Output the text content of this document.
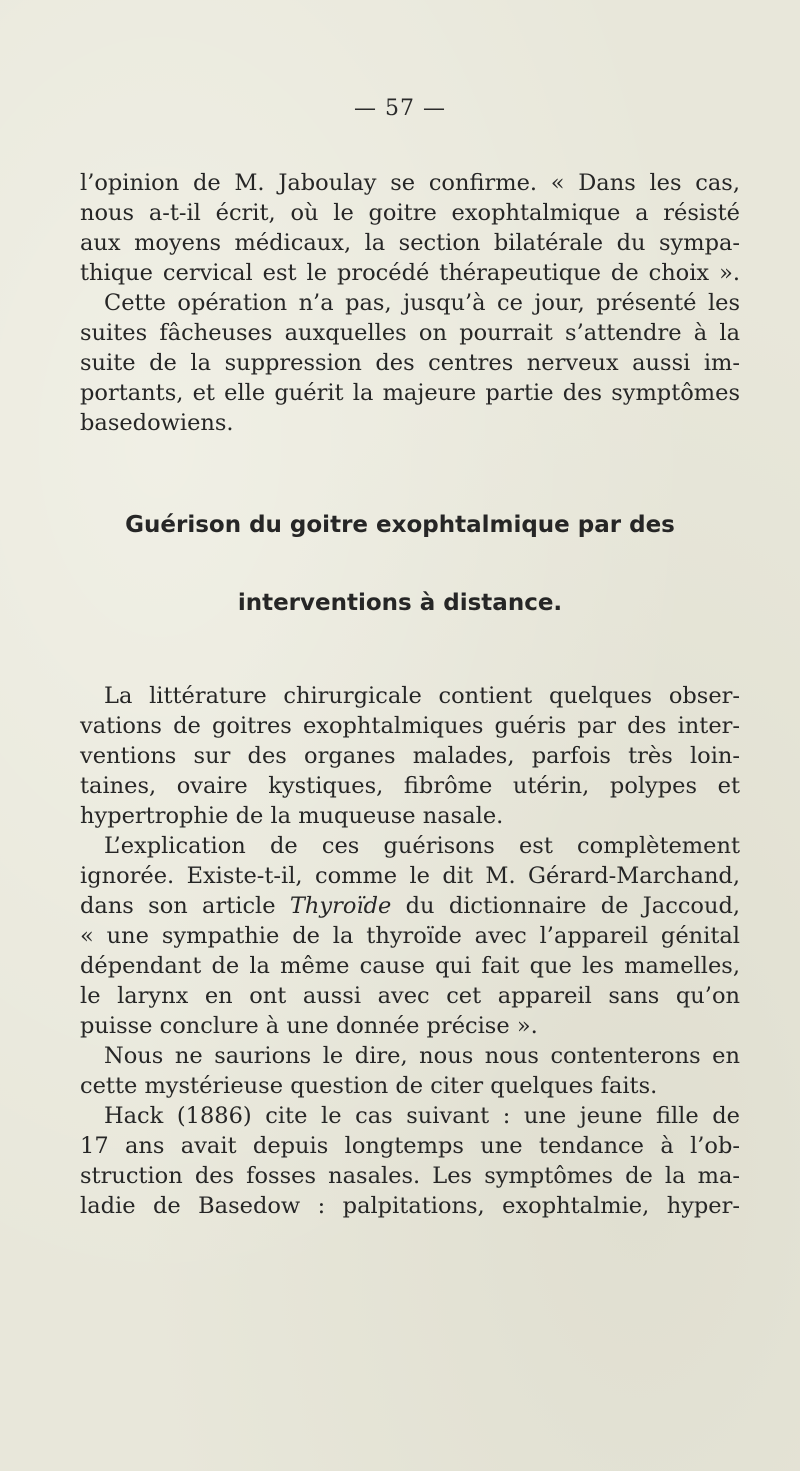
— 57 —
l’opinion de M. Jaboulay se confirme. « Dans les cas,
nous a-t-il écrit, où le goitre exophtalmique a résisté
aux moyens médicaux, la section bilatérale du sympa-
thique cervical est le procédé thérapeutique de choix ».
Cette opération n’a pas, jusqu’à ce jour, présenté les
suites fâcheuses auxquelles on pourrait s’attendre à la
suite de la suppression des centres nerveux aussi im-
portants, et elle guérit la majeure partie des symptômes
basedowiens.
Guérison du goitre exophtalmique par des
interventions à distance.
La littérature chirurgicale contient quelques obser-
vations de goitres exophtalmiques guéris par des inter-
ventions sur des organes malades, parfois très loin-
taines, ovaire kystiques, fibrôme utérin, polypes et
hypertrophie de la muqueuse nasale.
L’explication de ces guérisons est complètement
ignorée. Existe-t-il, comme le dit M. Gérard-Marchand,
dans son article Thyroïde du dictionnaire de Jaccoud,
« une sympathie de la thyroïde avec l’appareil génital
dépendant de la même cause qui fait que les mamelles,
le larynx en ont aussi avec cet appareil sans qu’on
puisse conclure à une donnée précise ».
Nous ne saurions le dire, nous nous contenterons en
cette mystérieuse question de citer quelques faits.
Hack (1886) cite le cas suivant : une jeune fille de
17 ans avait depuis longtemps une tendance à l’ob-
struction des fosses nasales. Les symptômes de la ma-
ladie de Basedow : palpitations, exophtalmie, hyper-
